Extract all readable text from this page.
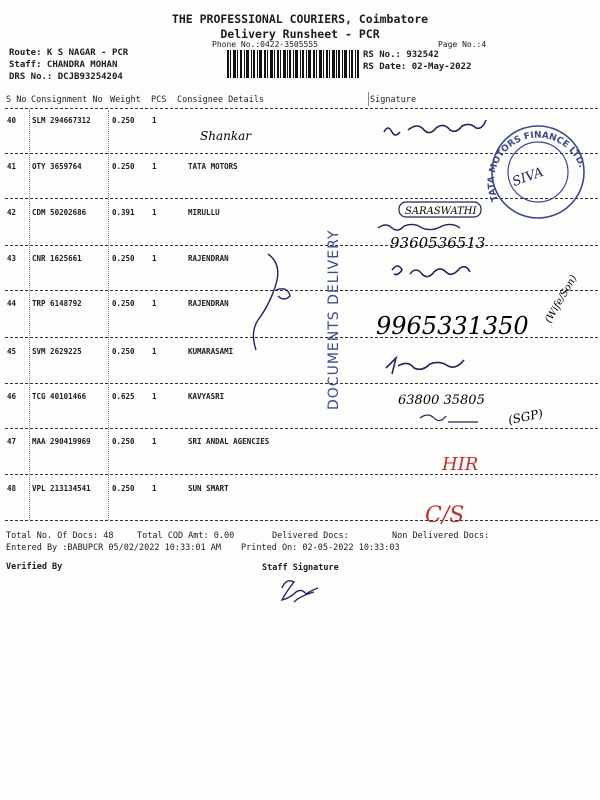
THE PROFESSIONAL COURIERS, Coimbatore
Delivery Runsheet - PCR
Phone No.:0422-3505555	Page No.:4
Route: K S NAGAR - PCR
Staff: CHANDRA MOHAN
DRS No.: DCJB93254204
RS No.: 932542
RS Date: 02-May-2022
S No Consignment No Weight PCS Consignee Details	Signature
40 SLM 294667312	0.250 1
41 OTY 3659764	0.250 1	TATA MOTORS
42 CDM 50202686	0.391 1	MIRULLU
43 CNR 1625661	0.250 1	RAJENDRAN
44 TRP 6148792	0.250 1	RAJENDRAN
45 SVM 2629225	0.250 1	KUMARASAMI
46 TCG 40101466	0.625 1	KAVYASRI
47 MAA 290419969	0.250 1	SRI ANDAL AGENCIES
48 VPL 213134541	0.250 1	SUN SMART
Shankar
TATA MOTORS FINANCE LTD.
SIVA
SARASWATHI
9360536513
9965331350
(Wife/Son)
DOCUMENTS DELIVERY	63800 35805
(SGP)
HIR
C/S
Total No. Of Docs: 48	Total COD Amt: 0.00	Delivered Docs:	Non Delivered Docs:
Entered By :BABUPCR 05/02/2022 10:33:01 AM Printed On: 02-05-2022 10:33:03
Verified By	Staff Signature
